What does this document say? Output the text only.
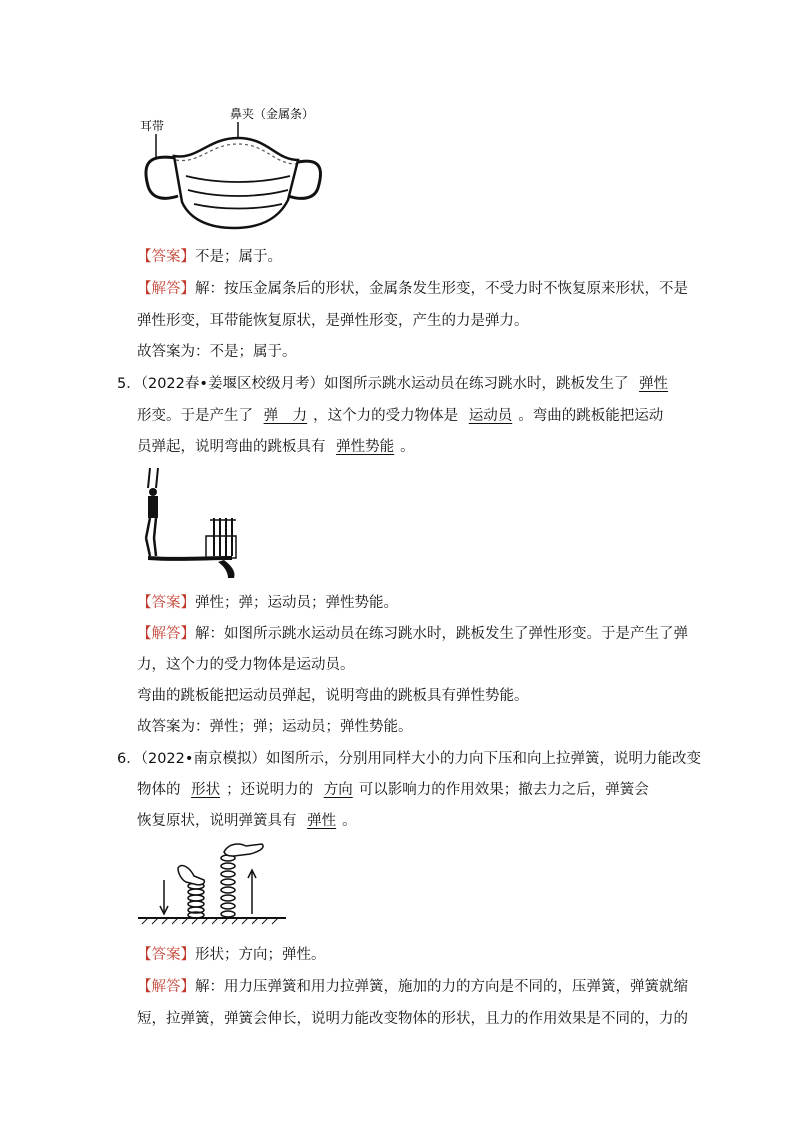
耳带
鼻夹（金属条）
【答案】不是；属于。
【解答】解：按压金属条后的形状，金属条发生形变，不受力时不恢复原来形状，不是
弹性形变，耳带能恢复原状，是弹性形变，产生的力是弹力。
故答案为：不是；属于。
5．（2022春•姜堰区校级月考）如图所示跳水运动员在练习跳水时，跳板发生了 弹性
形变。于是产生了 弹　力 ，这个力的受力物体是 运动员 。弯曲的跳板能把运动
员弹起，说明弯曲的跳板具有 弹性势能 。
【答案】弹性；弹；运动员；弹性势能。
【解答】解：如图所示跳水运动员在练习跳水时，跳板发生了弹性形变。于是产生了弹
力，这个力的受力物体是运动员。
弯曲的跳板能把运动员弹起，说明弯曲的跳板具有弹性势能。
故答案为：弹性；弹；运动员；弹性势能。
6．（2022•南京模拟）如图所示，分别用同样大小的力向下压和向上拉弹簧，说明力能改变
物体的 形状 ；还说明力的 方向 可以影响力的作用效果；撤去力之后，弹簧会
恢复原状，说明弹簧具有 弹性 。
【答案】形状；方向；弹性。
【解答】解：用力压弹簧和用力拉弹簧，施加的力的方向是不同的，压弹簧，弹簧就缩
短，拉弹簧，弹簧会伸长，说明力能改变物体的形状，且力的作用效果是不同的，力的
